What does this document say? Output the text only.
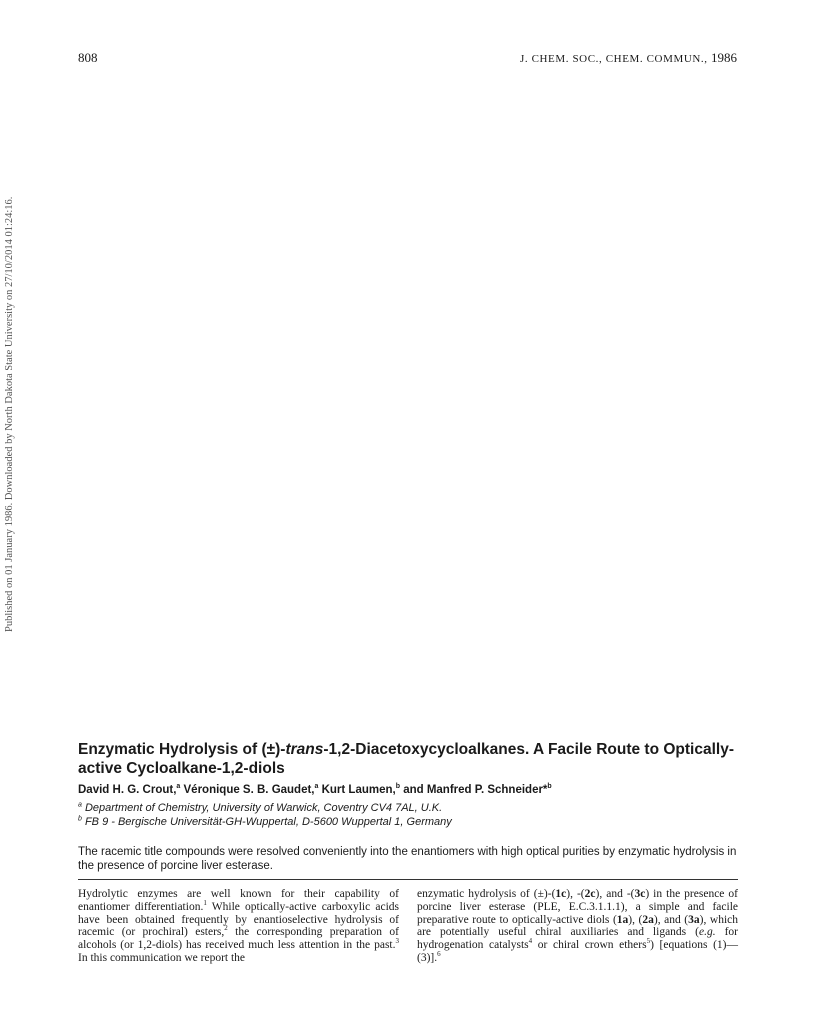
808	J. CHEM. SOC., CHEM. COMMUN., 1986
Published on 01 January 1986. Downloaded by North Dakota State University on 27/10/2014 01:24:16.
Enzymatic Hydrolysis of (±)-trans-1,2-Diacetoxycycloalkanes. A Facile Route to Optically-active Cycloalkane-1,2-diols
David H. G. Crout,$^a$ Véronique S. B. Gaudet,$^a$ Kurt Laumen,$^b$ and Manfred P. Schneider*$^b$
$^a$ Department of Chemistry, University of Warwick, Coventry CV4 7AL, U.K.
$^b$ FB 9 - Bergische Universität-GH-Wuppertal, D-5600 Wuppertal 1, Germany
The racemic title compounds were resolved conveniently into the enantiomers with high optical purities by enzymatic hydrolysis in the presence of porcine liver esterase.
Hydrolytic enzymes are well known for their capability of enantiomer differentiation.$^1$ While optically-active carboxylic acids have been obtained frequently by enantioselective hydrolysis of racemic (or prochiral) esters,$^2$ the corresponding preparation of alcohols (or 1,2-diols) has received much less attention in the past.$^3$ In this communication we report the
enzymatic hydrolysis of (±)-(1c), -(2c), and -(3c) in the presence of porcine liver esterase (PLE, E.C.3.1.1.1), a simple and facile preparative route to optically-active diols (1a), (2a), and (3a), which are potentially useful chiral auxiliaries and ligands (e.g. for hydrogenation catalysts$^4$ or chiral crown ethers$^5$) [equations (1)—(3)].$^6$
